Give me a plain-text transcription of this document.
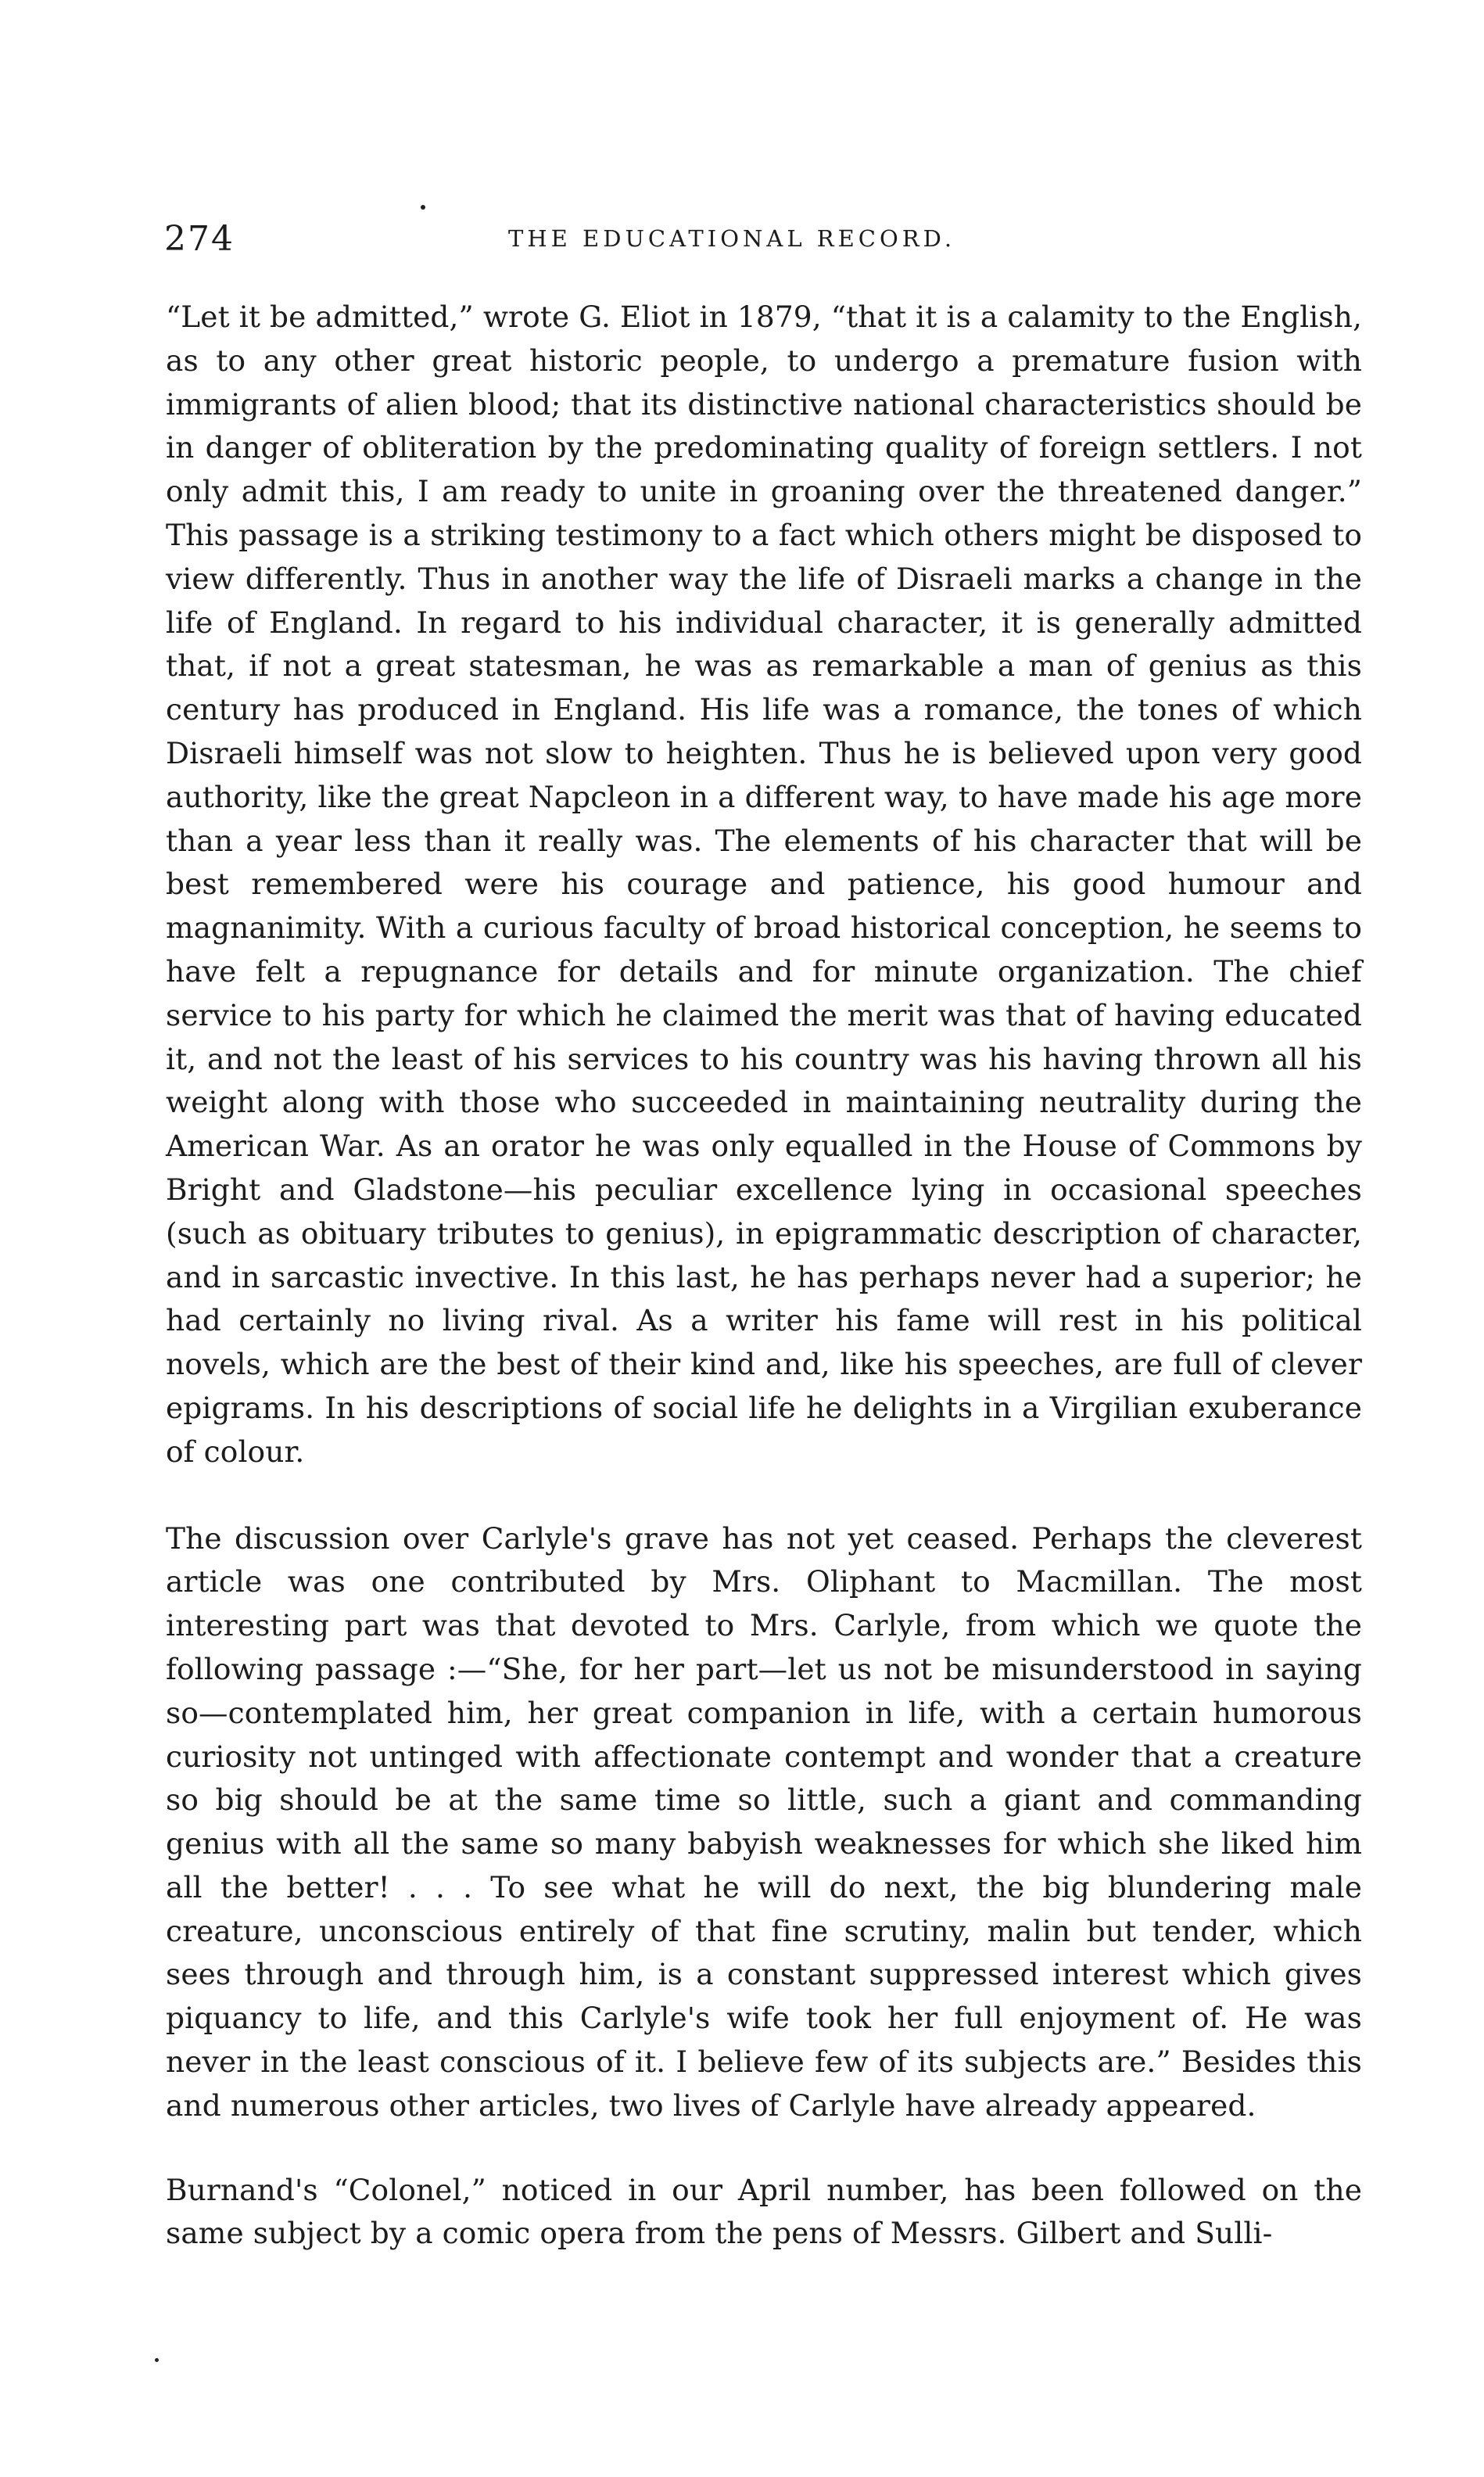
274	THE EDUCATIONAL RECORD.

“Let it be admitted,” wrote G. Eliot in 1879, “that it is a calamity to the English, as to any other great historic people, to undergo a premature fusion with immigrants of alien blood; that its distinctive national characteristics should be in danger of obliteration by the predominating quality of foreign settlers. I not only admit this, I am ready to unite in groaning over the threatened danger.” This passage is a striking testimony to a fact which others might be disposed to view differently. Thus in another way the life of Disraeli marks a change in the life of England. In regard to his individual character, it is generally admitted that, if not a great statesman, he was as remarkable a man of genius as this century has produced in England. His life was a romance, the tones of which Disraeli himself was not slow to heighten. Thus he is believed upon very good authority, like the great Napcleon in a different way, to have made his age more than a year less than it really was. The elements of his character that will be best remembered were his courage and patience, his good humour and magnanimity. With a curious faculty of broad historical conception, he seems to have felt a repugnance for details and for minute organization. The chief service to his party for which he claimed the merit was that of having educated it, and not the least of his services to his country was his having thrown all his weight along with those who succeeded in maintaining neutrality during the American War. As an orator he was only equalled in the House of Commons by Bright and Gladstone—his peculiar excellence lying in occasional speeches (such as obituary tributes to genius), in epigrammatic description of character, and in sarcastic invective. In this last, he has perhaps never had a superior; he had certainly no living rival. As a writer his fame will rest in his political novels, which are the best of their kind and, like his speeches, are full of clever epigrams. In his descriptions of social life he delights in a Virgilian exuberance of colour.

The discussion over Carlyle's grave has not yet ceased. Perhaps the cleverest article was one contributed by Mrs. Oliphant to Macmillan. The most interesting part was that devoted to Mrs. Carlyle, from which we quote the following passage :—“She, for her part—let us not be misunderstood in saying so—contemplated him, her great companion in life, with a certain humorous curiosity not untinged with affectionate contempt and wonder that a creature so big should be at the same time so little, such a giant and commanding genius with all the same so many babyish weaknesses for which she liked him all the better! . . . To see what he will do next, the big blundering male creature, unconscious entirely of that fine scrutiny, malin but tender, which sees through and through him, is a constant suppressed interest which gives piquancy to life, and this Carlyle's wife took her full enjoyment of. He was never in the least conscious of it. I believe few of its subjects are.” Besides this and numerous other articles, two lives of Carlyle have already appeared.

Burnand's “Colonel,” noticed in our April number, has been followed on the same subject by a comic opera from the pens of Messrs. Gilbert and Sulli-
